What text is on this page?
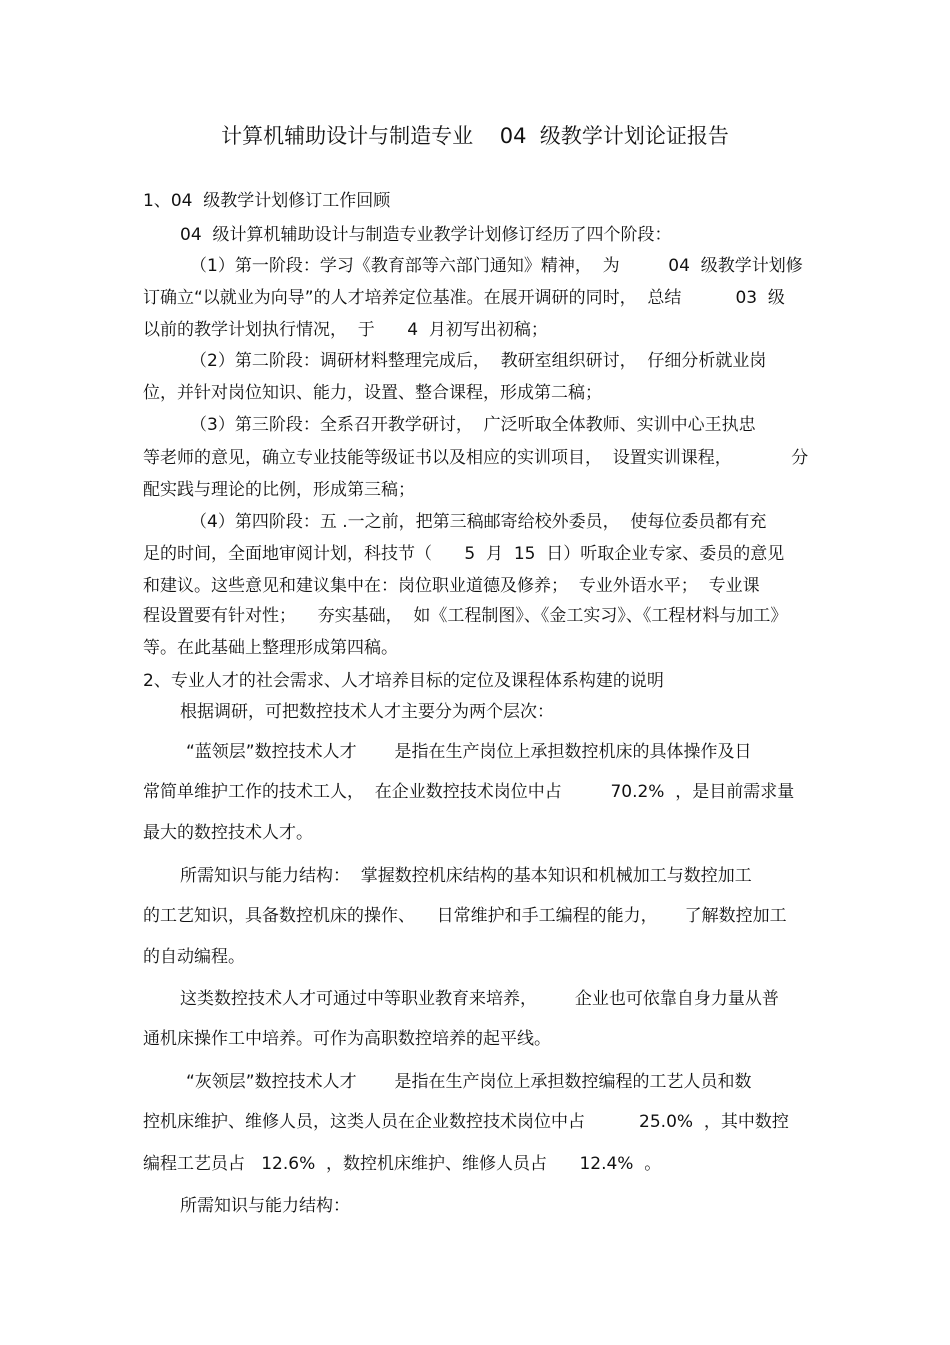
计算机辅助设计与制造专业    04  级教学计划论证报告
1、04  级教学计划修订工作回顾
04  级计算机辅助设计与制造专业教学计划修订经历了四个阶段：
（1）第一阶段：学习《教育部等六部门通知》精神，  为         04  级教学计划修
订确立“以就业为向导”的人才培养定位基准。在展开调研的同时，  总结          03  级
以前的教学计划执行情况，  于      4  月初写出初稿；
（2）第二阶段：调研材料整理完成后，  教研室组织研讨，  仔细分析就业岗
位，并针对岗位知识、能力，设置、整合课程，形成第二稿；
（3）第三阶段：全系召开教学研讨，  广泛听取全体教师、实训中心王执忠
等老师的意见，确立专业技能等级证书以及相应的实训项目，  设置实训课程，           分
配实践与理论的比例，形成第三稿；
（4）第四阶段：五 .一之前，把第三稿邮寄给校外委员，  使每位委员都有充
足的时间，全面地审阅计划，科技节（      5  月  15  日）听取企业专家、委员的意见
和建议。这些意见和建议集中在：岗位职业道德及修养；  专业外语水平；  专业课
程设置要有针对性；    夯实基础，  如《工程制图》、《金工实习》、《工程材料与加工》
等。在此基础上整理形成第四稿。
2、专业人才的社会需求、人才培养目标的定位及课程体系构建的说明
根据调研，可把数控技术人才主要分为两个层次：
“蓝领层”数控技术人才       是指在生产岗位上承担数控机床的具体操作及日
常简单维护工作的技术工人，  在企业数控技术岗位中占         70.2%  ，是目前需求量
最大的数控技术人才。
所需知识与能力结构：  掌握数控机床结构的基本知识和机械加工与数控加工
的工艺知识，具备数控机床的操作、    日常维护和手工编程的能力，     了解数控加工
的自动编程。
这类数控技术人才可通过中等职业教育来培养，       企业也可依靠自身力量从普
通机床操作工中培养。可作为高职数控培养的起平线。
“灰领层”数控技术人才       是指在生产岗位上承担数控编程的工艺人员和数
控机床维护、维修人员，这类人员在企业数控技术岗位中占          25.0%  ，其中数控
编程工艺员占   12.6%  ，数控机床维护、维修人员占      12.4%  。
所需知识与能力结构：
